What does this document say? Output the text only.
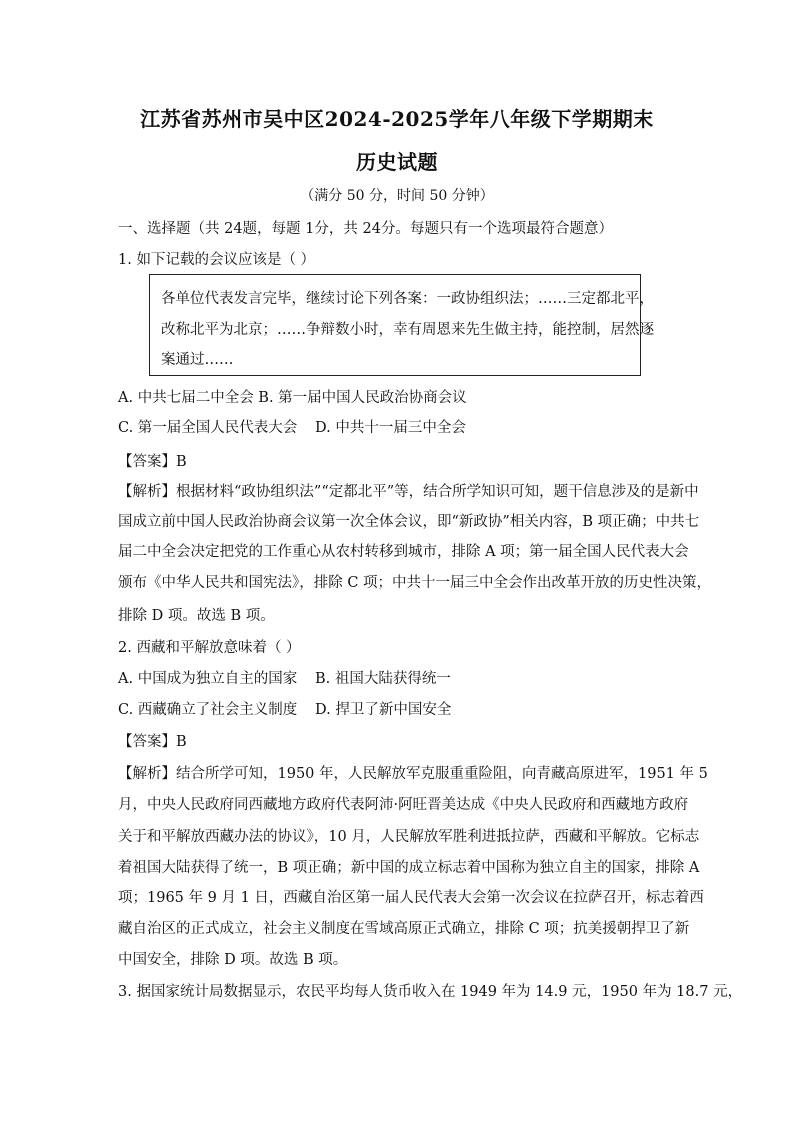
江苏省苏州市吴中区2024-2025学年八年级下学期期末
历史试题
（满分 50 分，时间 50 分钟）
一、选择题（共 24题，每题 1分，共 24分。每题只有一个选项最符合题意）
1. 如下记载的会议应该是（ ）
各单位代表发言完毕，继续讨论下列各案：一政协组织法；……三定都北平，
改称北平为北京；……争辩数小时，幸有周恩来先生做主持，能控制，居然逐
案通过……
A. 中共七届二中全会 B. 第一届中国人民政治协商会议
C. 第一届全国人民代表大会 D. 中共十一届三中全会
【答案】B
【解析】根据材料“政协组织法”“定都北平”等，结合所学知识可知，题干信息涉及的是新中
国成立前中国人民政治协商会议第一次全体会议，即“新政协”相关内容，B 项正确；中共七
届二中全会决定把党的工作重心从农村转移到城市，排除 A 项；第一届全国人民代表大会
颁布《中华人民共和国宪法》，排除 C 项；中共十一届三中全会作出改革开放的历史性决策，
排除 D 项。故选 B 项。
2. 西藏和平解放意味着（ ）
A. 中国成为独立自主的国家 B. 祖国大陆获得统一
C. 西藏确立了社会主义制度 D. 捍卫了新中国安全
【答案】B
【解析】结合所学可知，1950 年，人民解放军克服重重险阻，向青藏高原进军，1951 年 5
月，中央人民政府同西藏地方政府代表阿沛·阿旺晋美达成《中央人民政府和西藏地方政府
关于和平解放西藏办法的协议》，10 月，人民解放军胜利进抵拉萨，西藏和平解放。它标志
着祖国大陆获得了统一，B 项正确；新中国的成立标志着中国称为独立自主的国家，排除 A
项；1965 年 9 月 1 日，西藏自治区第一届人民代表大会第一次会议在拉萨召开，标志着西
藏自治区的正式成立，社会主义制度在雪域高原正式确立，排除 C 项；抗美援朝捍卫了新
中国安全，排除 D 项。故选 B 项。
3. 据国家统计局数据显示，农民平均每人货币收入在 1949 年为 14.9 元，1950 年为 18.7 元，
